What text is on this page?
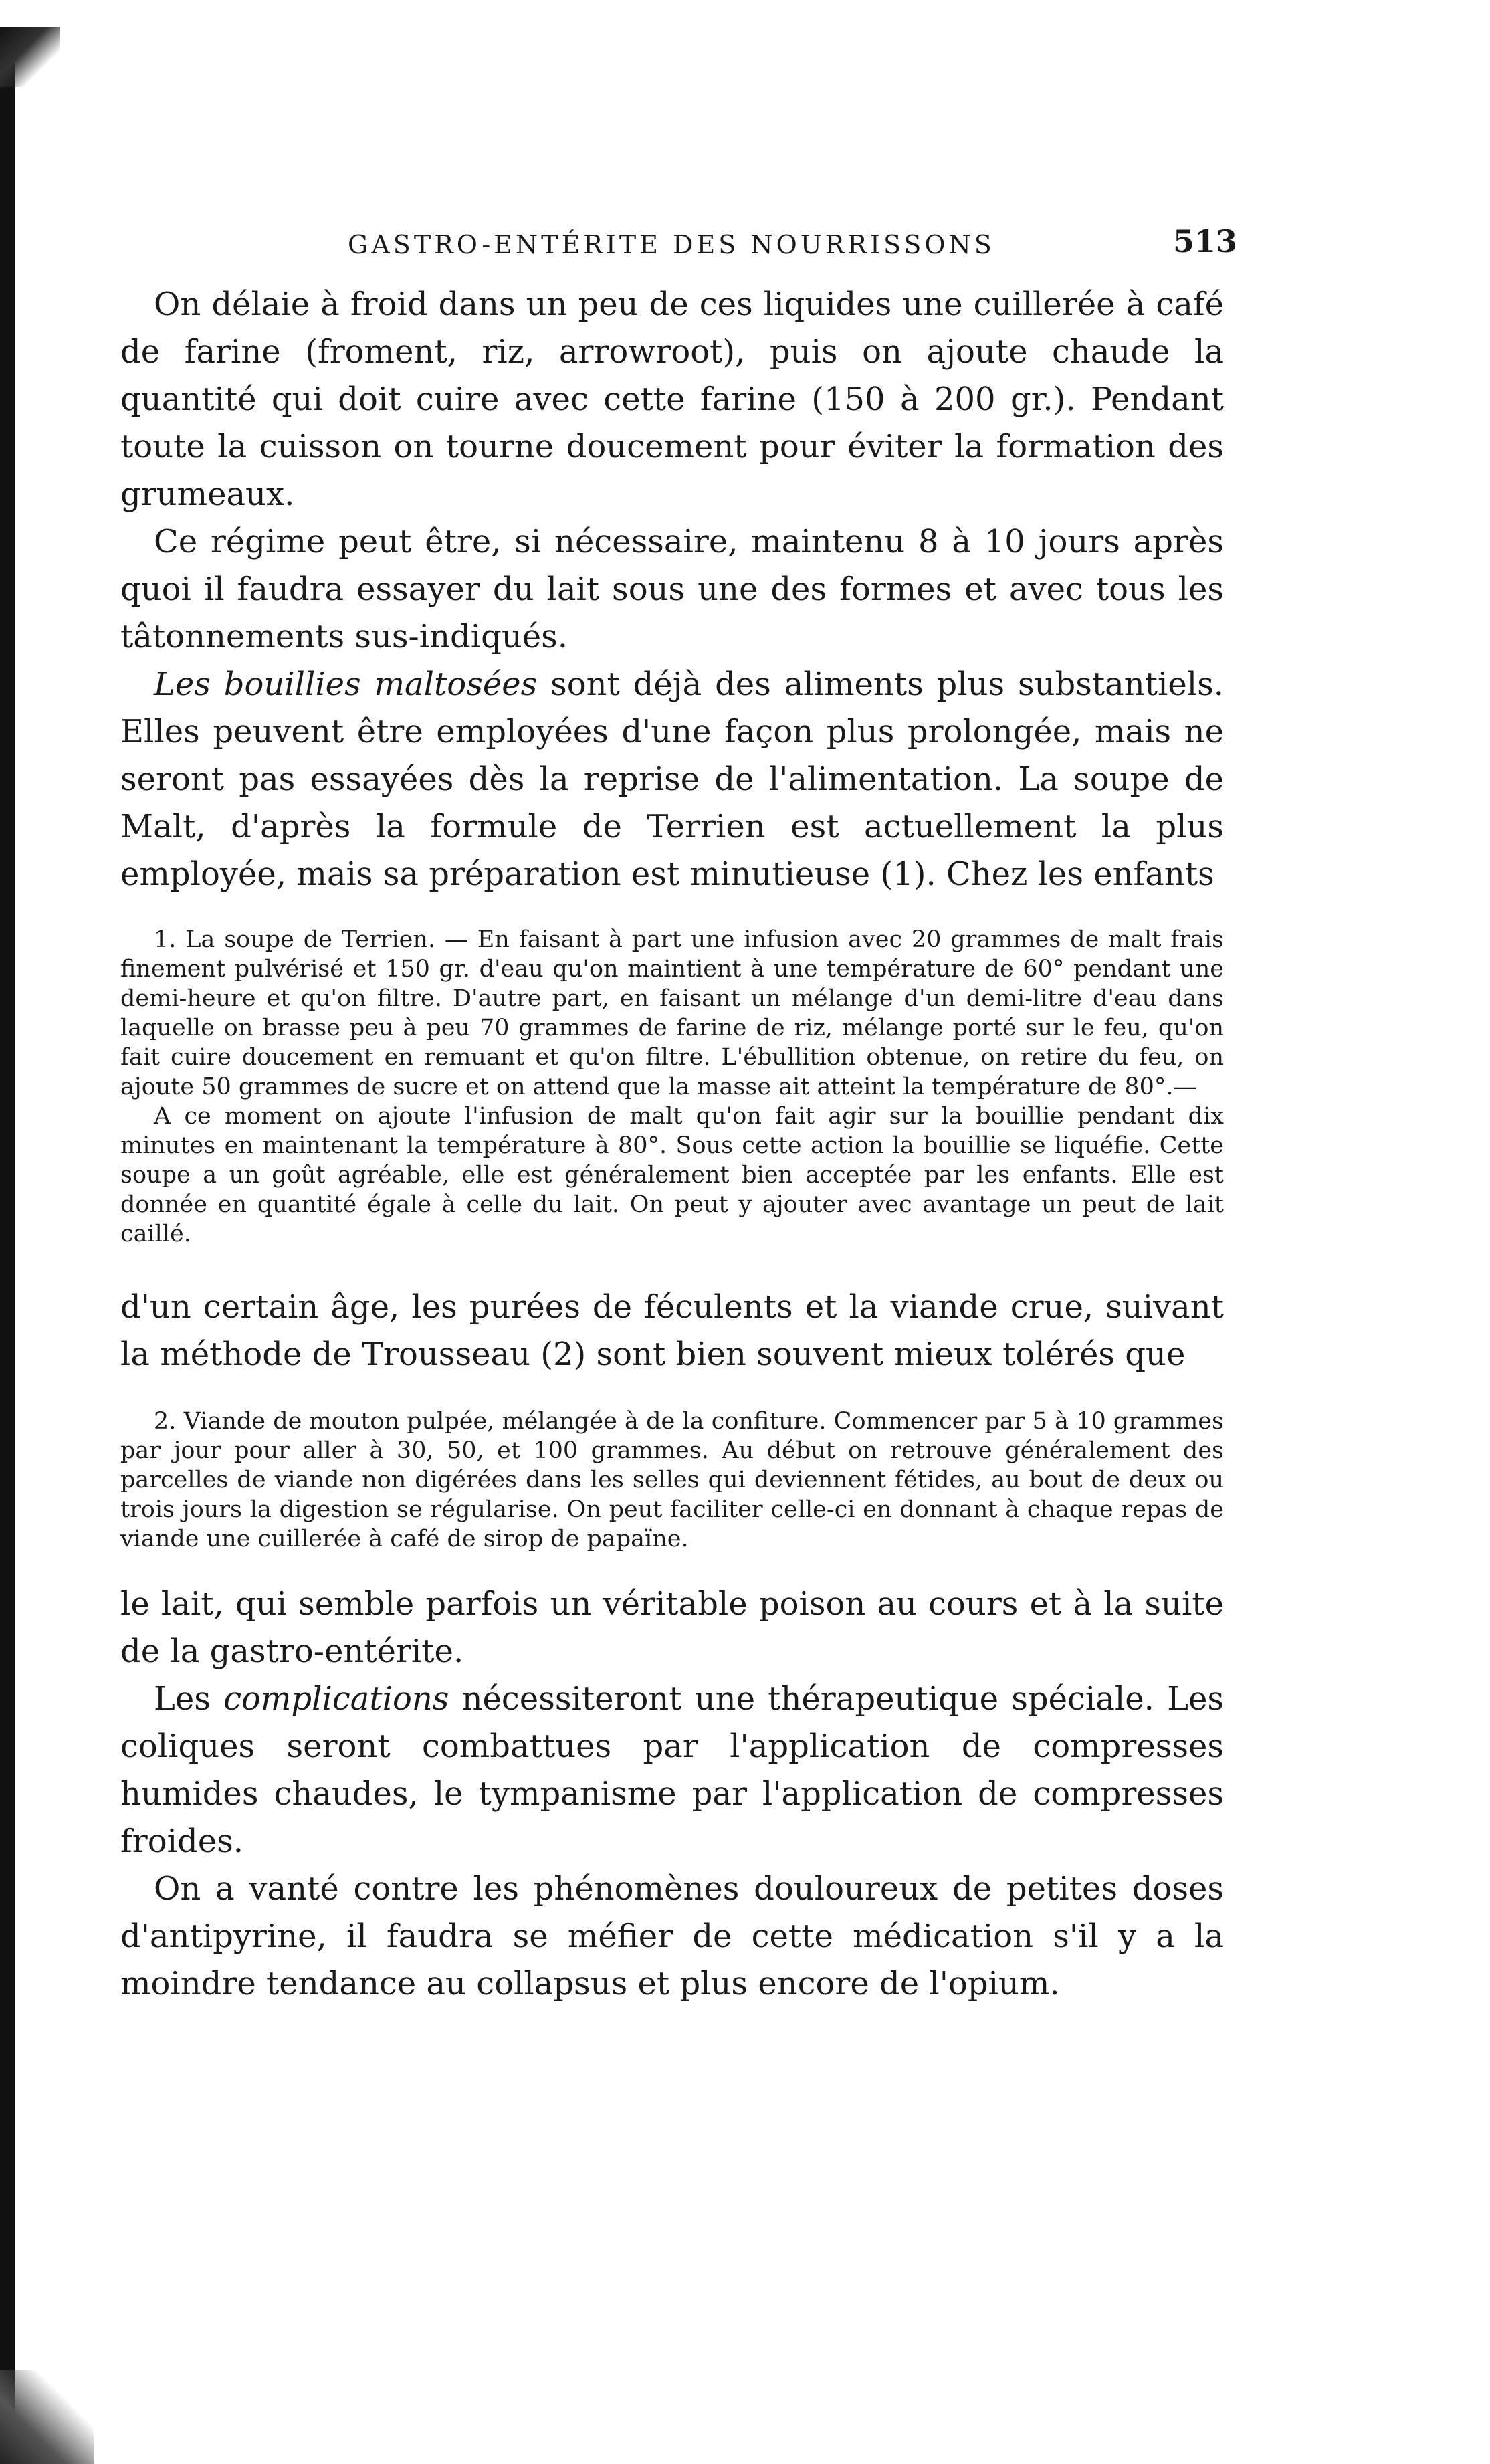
GASTRO-ENTÉRITE DES NOURRISSONS	513

On délaie à froid dans un peu de ces liquides une cuillerée à café de farine (froment, riz, arrowroot), puis on ajoute chaude la quantité qui doit cuire avec cette farine (150 à 200 gr.). Pendant toute la cuisson on tourne doucement pour éviter la formation des grumeaux.

Ce régime peut être, si nécessaire, maintenu 8 à 10 jours après quoi il faudra essayer du lait sous une des formes et avec tous les tâtonnements sus-indiqués.

Les bouillies maltosées sont déjà des aliments plus substantiels. Elles peuvent être employées d'une façon plus prolongée, mais ne seront pas essayées dès la reprise de l'alimentation. La soupe de Malt, d'après la formule de Terrien est actuellement la plus employée, mais sa préparation est minutieuse (1). Chez les enfants

1. La soupe de Terrien. — En faisant à part une infusion avec 20 grammes de malt frais finement pulvérisé et 150 gr. d'eau qu'on maintient à une température de 60° pendant une demi-heure et qu'on filtre. D'autre part, en faisant un mélange d'un demi-litre d'eau dans laquelle on brasse peu à peu 70 grammes de farine de riz, mélange porté sur le feu, qu'on fait cuire doucement en remuant et qu'on filtre. L'ébullition obtenue, on retire du feu, on ajoute 50 grammes de sucre et on attend que la masse ait atteint la température de 80°.—

A ce moment on ajoute l'infusion de malt qu'on fait agir sur la bouillie pendant dix minutes en maintenant la température à 80°. Sous cette action la bouillie se liquéfie. Cette soupe a un goût agréable, elle est généralement bien acceptée par les enfants. Elle est donnée en quantité égale à celle du lait. On peut y ajouter avec avantage un peut de lait caillé.

d'un certain âge, les purées de féculents et la viande crue, suivant la méthode de Trousseau (2) sont bien souvent mieux tolérés que

2. Viande de mouton pulpée, mélangée à de la confiture. Commencer par 5 à 10 grammes par jour pour aller à 30, 50, et 100 grammes. Au début on retrouve généralement des parcelles de viande non digérées dans les selles qui deviennent fétides, au bout de deux ou trois jours la digestion se régularise. On peut faciliter celle-ci en donnant à chaque repas de viande une cuillerée à café de sirop de papaïne.

le lait, qui semble parfois un véritable poison au cours et à la suite de la gastro-entérite.

Les complications nécessiteront une thérapeutique spéciale. Les coliques seront combattues par l'application de compresses humides chaudes, le tympanisme par l'application de compresses froides.

On a vanté contre les phénomènes douloureux de petites doses d'antipyrine, il faudra se méfier de cette médication s'il y a la moindre tendance au collapsus et plus encore de l'opium.
